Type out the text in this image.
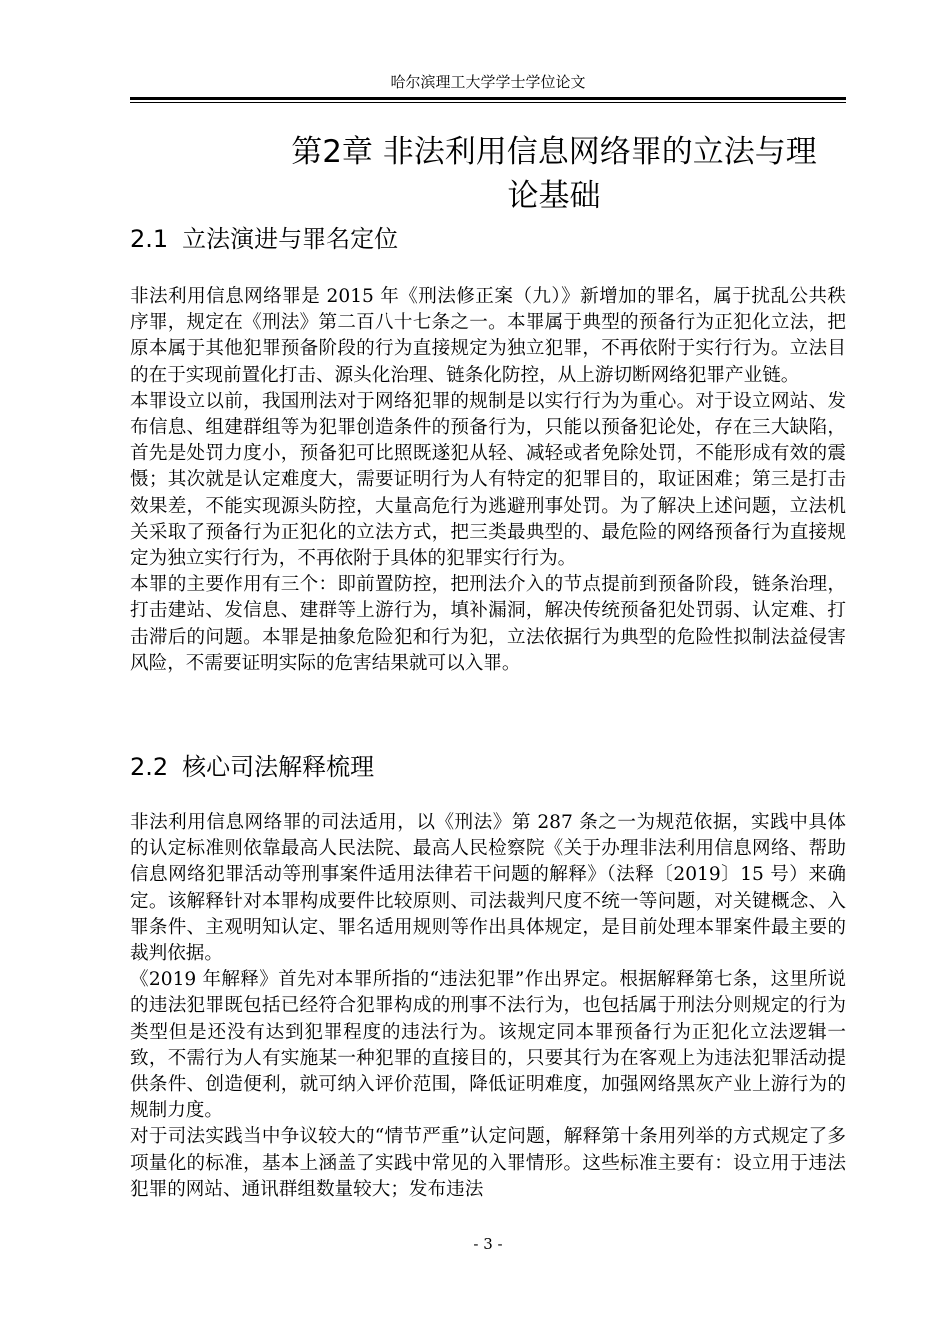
哈尔滨理工大学学士学位论文
第2章 非法利用信息网络罪的立法与理
论基础
2.1 立法演进与罪名定位

非法利用信息网络罪是 2015 年《刑法修正案（九）》新增加的罪名，属于扰乱公共秩序罪，规定在《刑法》第二百八十七条之一。本罪属于典型的预备行为正犯化立法，把原本属于其他犯罪预备阶段的行为直接规定为独立犯罪，不再依附于实行行为。立法目的在于实现前置化打击、源头化治理、链条化防控，从上游切断网络犯罪产业链。

本罪设立以前，我国刑法对于网络犯罪的规制是以实行行为为重心。对于设立网站、发布信息、组建群组等为犯罪创造条件的预备行为，只能以预备犯论处，存在三大缺陷，首先是处罚力度小，预备犯可比照既遂犯从轻、减轻或者免除处罚，不能形成有效的震慑；其次就是认定难度大，需要证明行为人有特定的犯罪目的，取证困难；第三是打击效果差，不能实现源头防控，大量高危行为逃避刑事处罚。为了解决上述问题，立法机关采取了预备行为正犯化的立法方式，把三类最典型的、最危险的网络预备行为直接规定为独立实行行为，不再依附于具体的犯罪实行行为。

本罪的主要作用有三个：即前置防控，把刑法介入的节点提前到预备阶段，链条治理，打击建站、发信息、建群等上游行为，填补漏洞，解决传统预备犯处罚弱、认定难、打击滞后的问题。本罪是抽象危险犯和行为犯，立法依据行为典型的危险性拟制法益侵害风险，不需要证明实际的危害结果就可以入罪。

2.2 核心司法解释梳理

非法利用信息网络罪的司法适用，以《刑法》第 287 条之一为规范依据，实践中具体的认定标准则依靠最高人民法院、最高人民检察院《关于办理非法利用信息网络、帮助信息网络犯罪活动等刑事案件适用法律若干问题的解释》（法释〔2019〕15 号）来确定。该解释针对本罪构成要件比较原则、司法裁判尺度不统一等问题，对关键概念、入罪条件、主观明知认定、罪名适用规则等作出具体规定，是目前处理本罪案件最主要的裁判依据。

《2019 年解释》首先对本罪所指的“违法犯罪”作出界定。根据解释第七条，这里所说的违法犯罪既包括已经符合犯罪构成的刑事不法行为，也包括属于刑法分则规定的行为类型但是还没有达到犯罪程度的违法行为。该规定同本罪预备行为正犯化立法逻辑一致，不需行为人有实施某一种犯罪的直接目的，只要其行为在客观上为违法犯罪活动提供条件、创造便利，就可纳入评价范围，降低证明难度，加强网络黑灰产业上游行为的规制力度。

对于司法实践当中争议较大的“情节严重”认定问题，解释第十条用列举的方式规定了多项量化的标准，基本上涵盖了实践中常见的入罪情形。这些标准主要有：设立用于违法犯罪的网站、通讯群组数量较大；发布违法

- 3 -
